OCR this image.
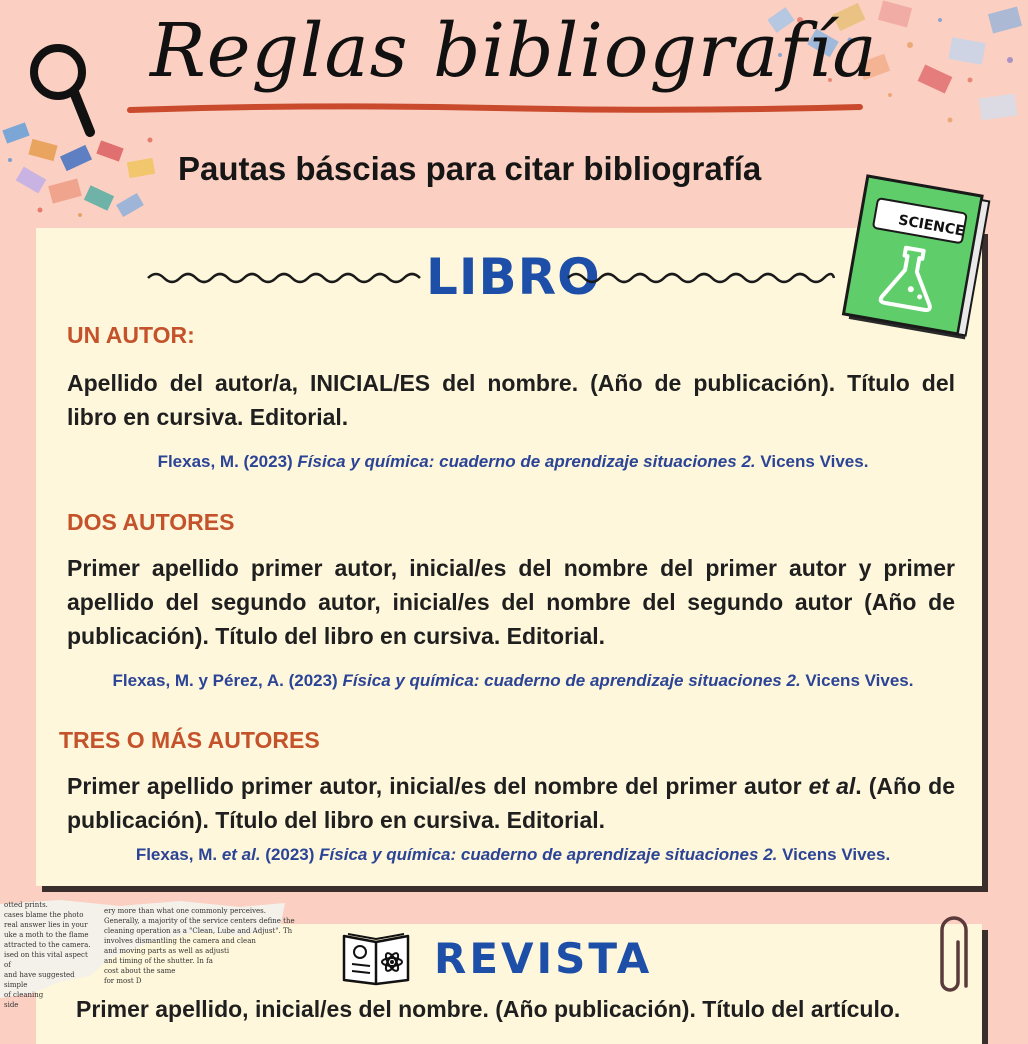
Reglas bibliografía
Pautas báscias para citar bibliografía
LIBRO
SCIENCE
UN AUTOR:
Apellido del autor/a, INICIAL/ES del nombre. (Año de publicación). Título del libro en cursiva. Editorial.
Flexas, M. (2023) Física y química: cuaderno de aprendizaje situaciones 2. Vicens Vives.
DOS AUTORES
Primer apellido primer autor, inicial/es del nombre del primer autor y primer apellido del segundo autor, inicial/es del nombre del segundo autor (Año de publicación). Título del libro en cursiva. Editorial.
Flexas, M. y Pérez, A. (2023) Física y química: cuaderno de aprendizaje situaciones 2. Vicens Vives.
TRES O MÁS AUTORES
Primer apellido primer autor, inicial/es del nombre del primer autor et al. (Año de publicación). Título del libro en cursiva. Editorial.
Flexas, M. et al. (2023) Física y química: cuaderno de aprendizaje situaciones 2. Vicens Vives.
otted prints.
cases blame the photo
real answer lies in your
uke a moth to the flame
attracted to the camera.
ised on this vital aspect of
and have suggested simple
of cleaning
side
ery more than what one commonly perceives.
Generally, a majority of the service centers define the
cleaning operation as a "Clean, Lube and Adjust". Th
involves dismantling the camera and clean
and moving parts as well as adjusti
and timing of the shutter. In fa
cost about the same
for most D	REVISTA
Primer apellido, inicial/es del nombre. (Año publicación). Título del artículo.
